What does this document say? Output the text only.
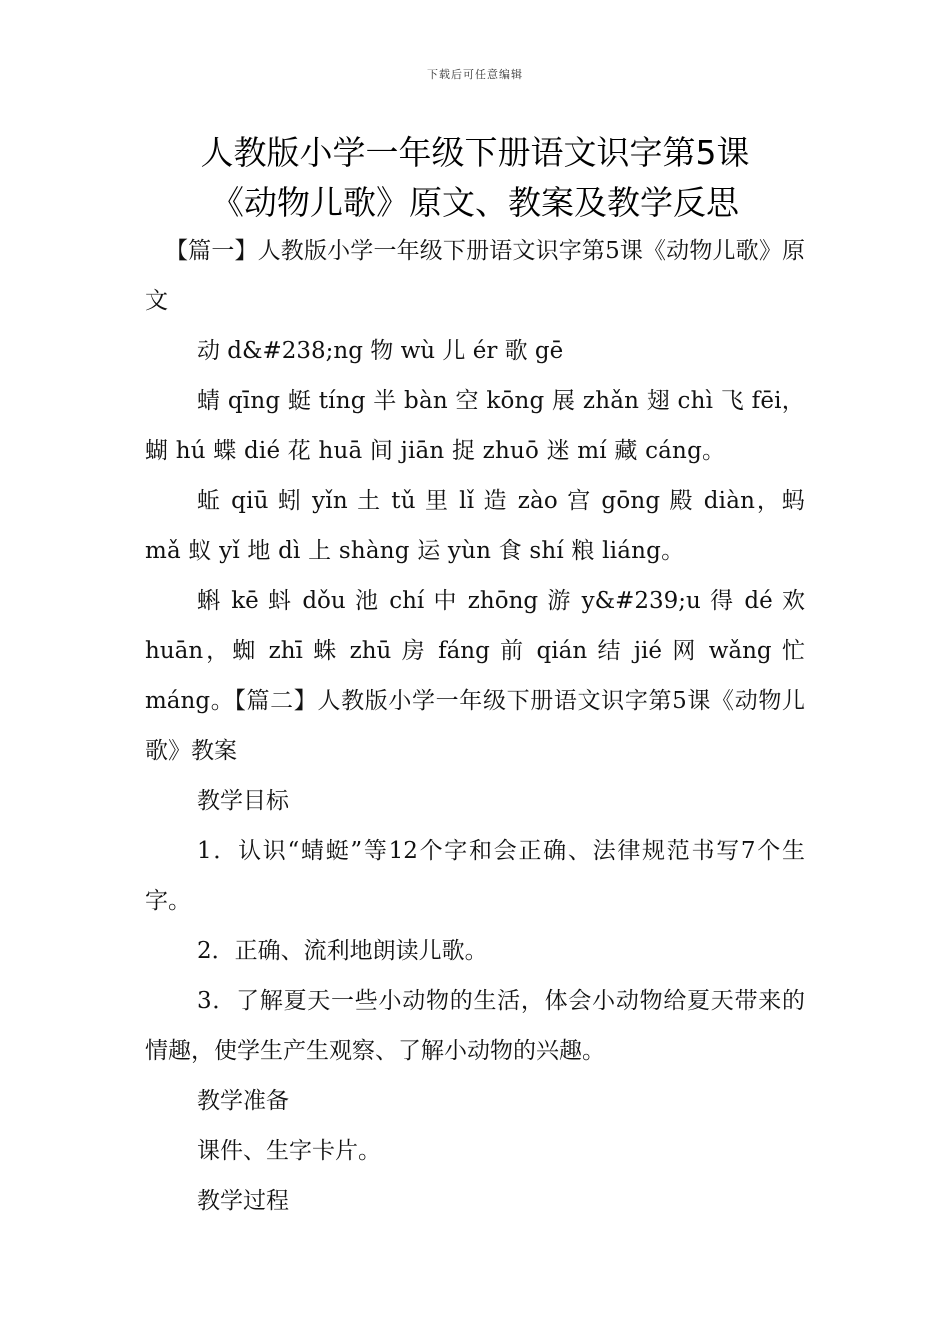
下载后可任意编辑
人教版小学一年级下册语文识字第5课
《动物儿歌》原文、教案及教学反思

【篇一】人教版小学一年级下册语文识字第5课《动物儿歌》原文

动 d&#238;ng 物 wù 儿 ér 歌 gē

蜻 qīng 蜓 tíng 半 bàn 空 kōng 展 zhǎn 翅 chì 飞 fēi，蝴 hú 蝶 dié 花 huā 间 jiān 捉 zhuō 迷 mí 藏 cáng。

蚯 qiū 蚓 yǐn 土 tǔ 里 lǐ 造 zào 宫 gōng 殿 diàn，蚂 mǎ 蚁 yǐ 地 dì 上 shàng 运 yùn 食 shí 粮 liáng。

蝌 kē 蚪 dǒu 池 chí 中 zhōng 游 y&#239;u 得 dé 欢 huān，蜘 zhī 蛛 zhū 房 fáng 前 qián 结 jié 网 wǎng 忙 máng。【篇二】人教版小学一年级下册语文识字第5课《动物儿歌》教案

教学目标

1．认识“蜻蜓”等12个字和会正确、法律规范书写7个生字。

2．正确、流利地朗读儿歌。

3．了解夏天一些小动物的生活，体会小动物给夏天带来的情趣，使学生产生观察、了解小动物的兴趣。

教学准备

课件、生字卡片。

教学过程
